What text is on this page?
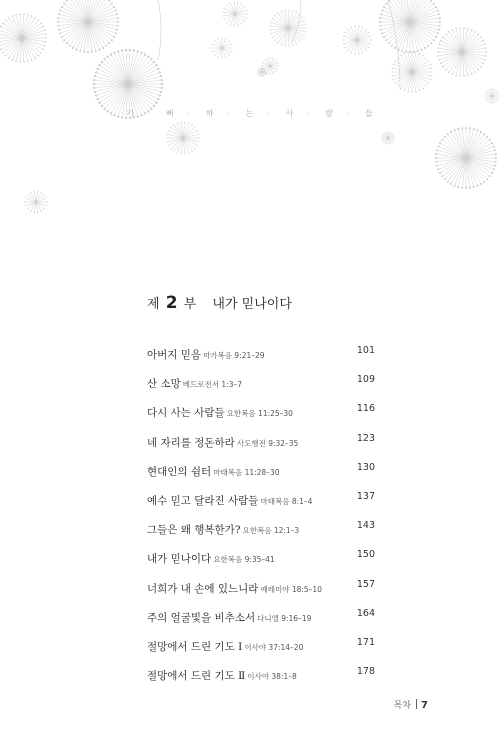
기 · 뻐 · 하 · 는 · 사 · 람 · 들
제 2 부 내가 믿나이다
아버지 믿음 마가복음 9:21–29	101
산 소망 베드로전서 1:3–7	109
다시 사는 사람들 요한복음 11:25–30	116
네 자리를 정돈하라 사도행전 9:32–35	123
현대인의 쉼터 마태복음 11:28–30	130
예수 믿고 달라진 사람들 마태복음 8:1–4	137
그들은 왜 행복한가? 요한복음 12:1–3	143
내가 믿나이다 요한복음 9:35–41	150
너희가 내 손에 있느니라 예레미야 18:5–10	157
주의 얼굴빛을 비추소서 다니엘 9:16–19	164
절망에서 드린 기도 Ⅰ 이사야 37:14–20	171
절망에서 드린 기도 Ⅱ 이사야 38:1–8	178
목차 7
